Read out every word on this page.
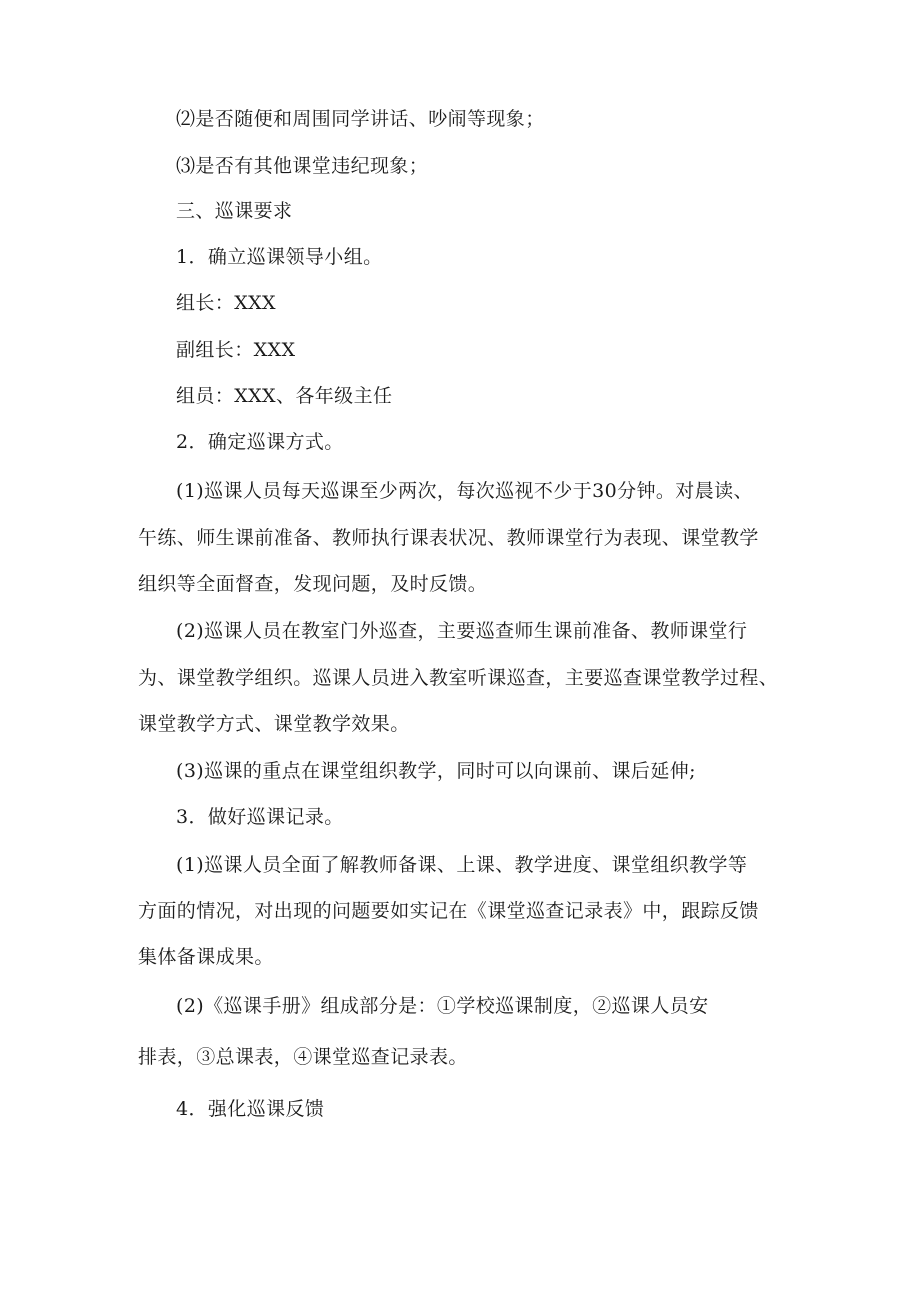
⑵是否随便和周围同学讲话、吵闹等现象；
⑶是否有其他课堂违纪现象；
三、巡课要求
1．确立巡课领导小组。
组长：XXX
副组长：XXX
组员：XXX、各年级主任
2．确定巡课方式。
(1)巡课人员每天巡课至少两次，每次巡视不少于30分钟。对晨读、
午练、师生课前准备、教师执行课表状况、教师课堂行为表现、课堂教学
组织等全面督查，发现问题，及时反馈。
(2)巡课人员在教室门外巡查，主要巡查师生课前准备、教师课堂行
为、课堂教学组织。巡课人员进入教室听课巡查，主要巡查课堂教学过程、
课堂教学方式、课堂教学效果。
(3)巡课的重点在课堂组织教学，同时可以向课前、课后延伸;
3．做好巡课记录。
(1)巡课人员全面了解教师备课、上课、教学进度、课堂组织教学等
方面的情况，对出现的问题要如实记在《课堂巡查记录表》中，跟踪反馈
集体备课成果。
(2)《巡课手册》组成部分是：①学校巡课制度，②巡课人员安
排表，③总课表，④课堂巡查记录表。
4．强化巡课反馈
